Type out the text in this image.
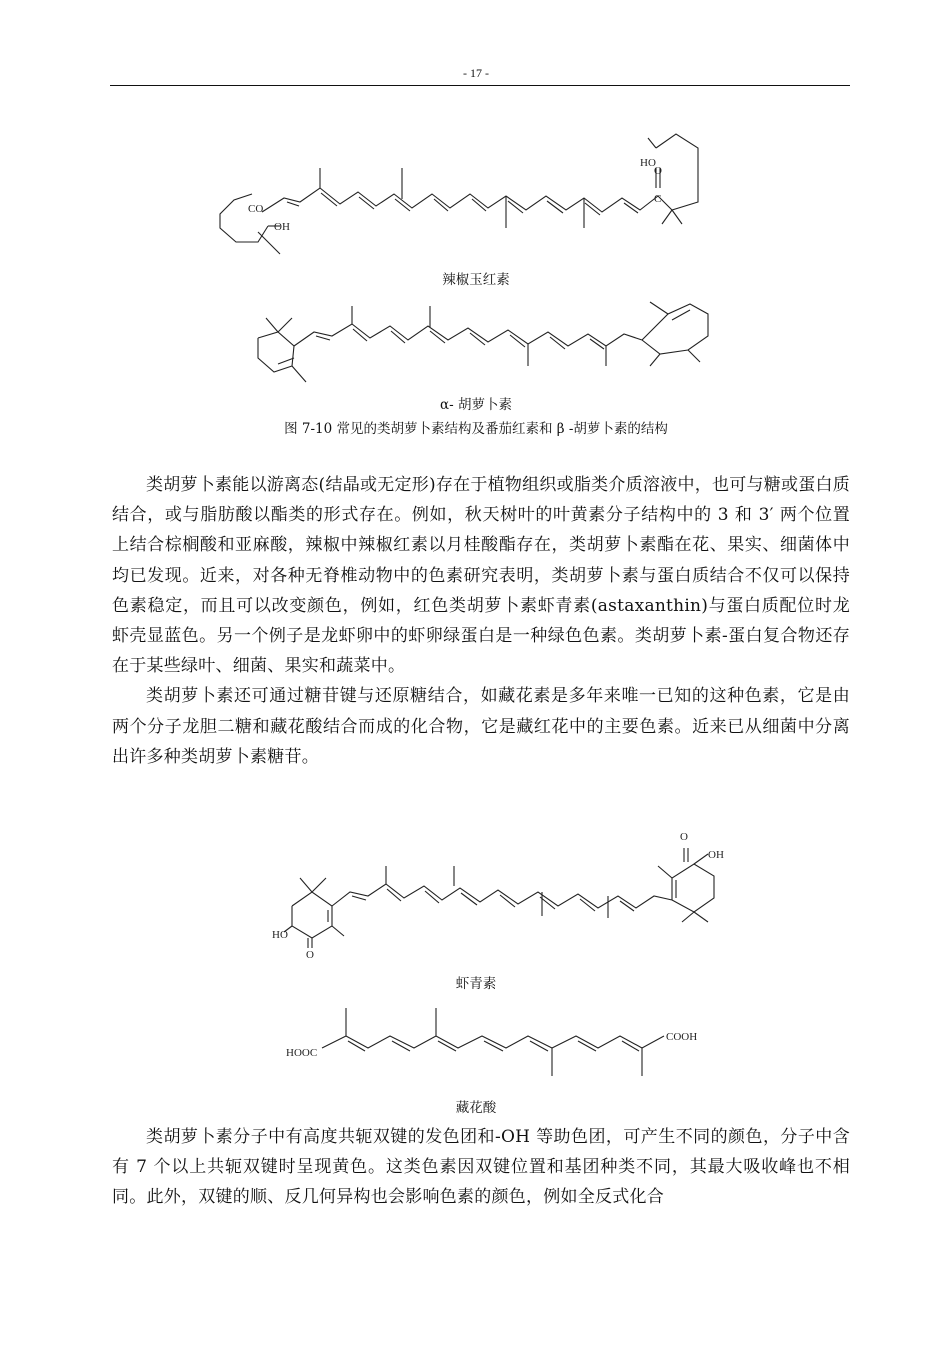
- 17 -
CO
OH
HO
O
C
辣椒玉红素
α- 胡萝卜素
图 7-10 常见的类胡萝卜素结构及番茄红素和 β -胡萝卜素的结构

类胡萝卜素能以游离态(结晶或无定形)存在于植物组织或脂类介质溶液中，也可与糖或蛋白质结合，或与脂肪酸以酯类的形式存在。例如，秋天树叶的叶黄素分子结构中的 3 和 3′ 两个位置上结合棕榈酸和亚麻酸，辣椒中辣椒红素以月桂酸酯存在，类胡萝卜素酯在花、果实、细菌体中均已发现。近来，对各种无脊椎动物中的色素研究表明，类胡萝卜素与蛋白质结合不仅可以保持色素稳定，而且可以改变颜色，例如，红色类胡萝卜素虾青素(astaxanthin)与蛋白质配位时龙虾壳显蓝色。另一个例子是龙虾卵中的虾卵绿蛋白是一种绿色色素。类胡萝卜素-蛋白复合物还存在于某些绿叶、细菌、果实和蔬菜中。

类胡萝卜素还可通过糖苷键与还原糖结合，如藏花素是多年来唯一已知的这种色素，它是由两个分子龙胆二糖和藏花酸结合而成的化合物，它是藏红花中的主要色素。近来已从细菌中分离出许多种类胡萝卜素糖苷。

O
OH
HO
O
虾青素
HOOC
COOH
藏花酸

类胡萝卜素分子中有高度共轭双键的发色团和-OH 等助色团，可产生不同的颜色，分子中含有 7 个以上共轭双键时呈现黄色。这类色素因双键位置和基团种类不同，其最大吸收峰也不相同。此外，双键的顺、反几何异构也会影响色素的颜色，例如全反式化合
